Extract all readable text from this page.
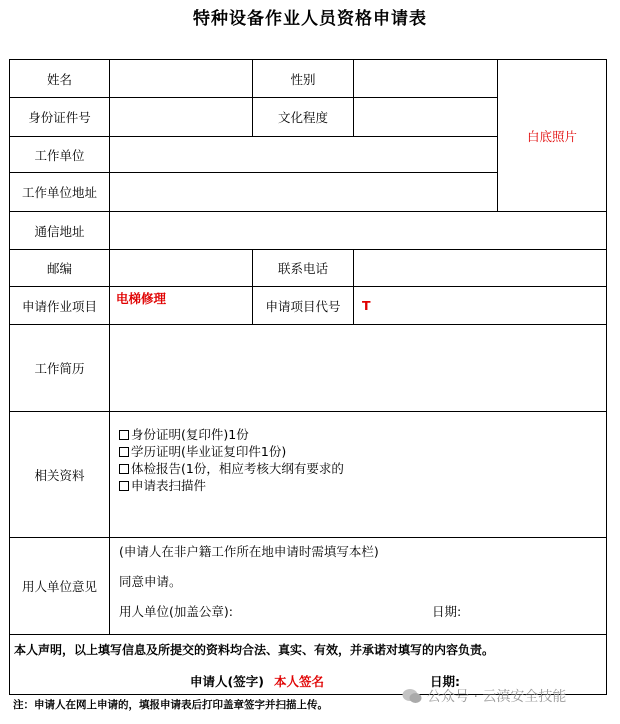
特种设备作业人员资格申请表
姓名		性别		白底照片
身份证件号		文化程度		
工作单位				
工作单位地址				
通信地址				
邮编		联系电话		
申请作业项目	电梯修理	申请项目代号	T	
工作简历				
相关资料	身份证明(复印件)1份
学历证明(毕业证复印件1份)
体检报告(1份，相应考核大纲有要求的
申请表扫描件			

用人单位意见	(申请人在非户籍工作所在地申请时需填写本栏)
同意申请。
用人单位(加盖公章): 日期:			

本人声明，以上填写信息及所提交的资料均合法、真实、有效，并承诺对填写的内容负责。
申请人(签字) 本人签名 日期:				
注：申请人在网上申请的，填报申请表后打印盖章签字并扫描上传。	公众号 · 云滇安全技能
